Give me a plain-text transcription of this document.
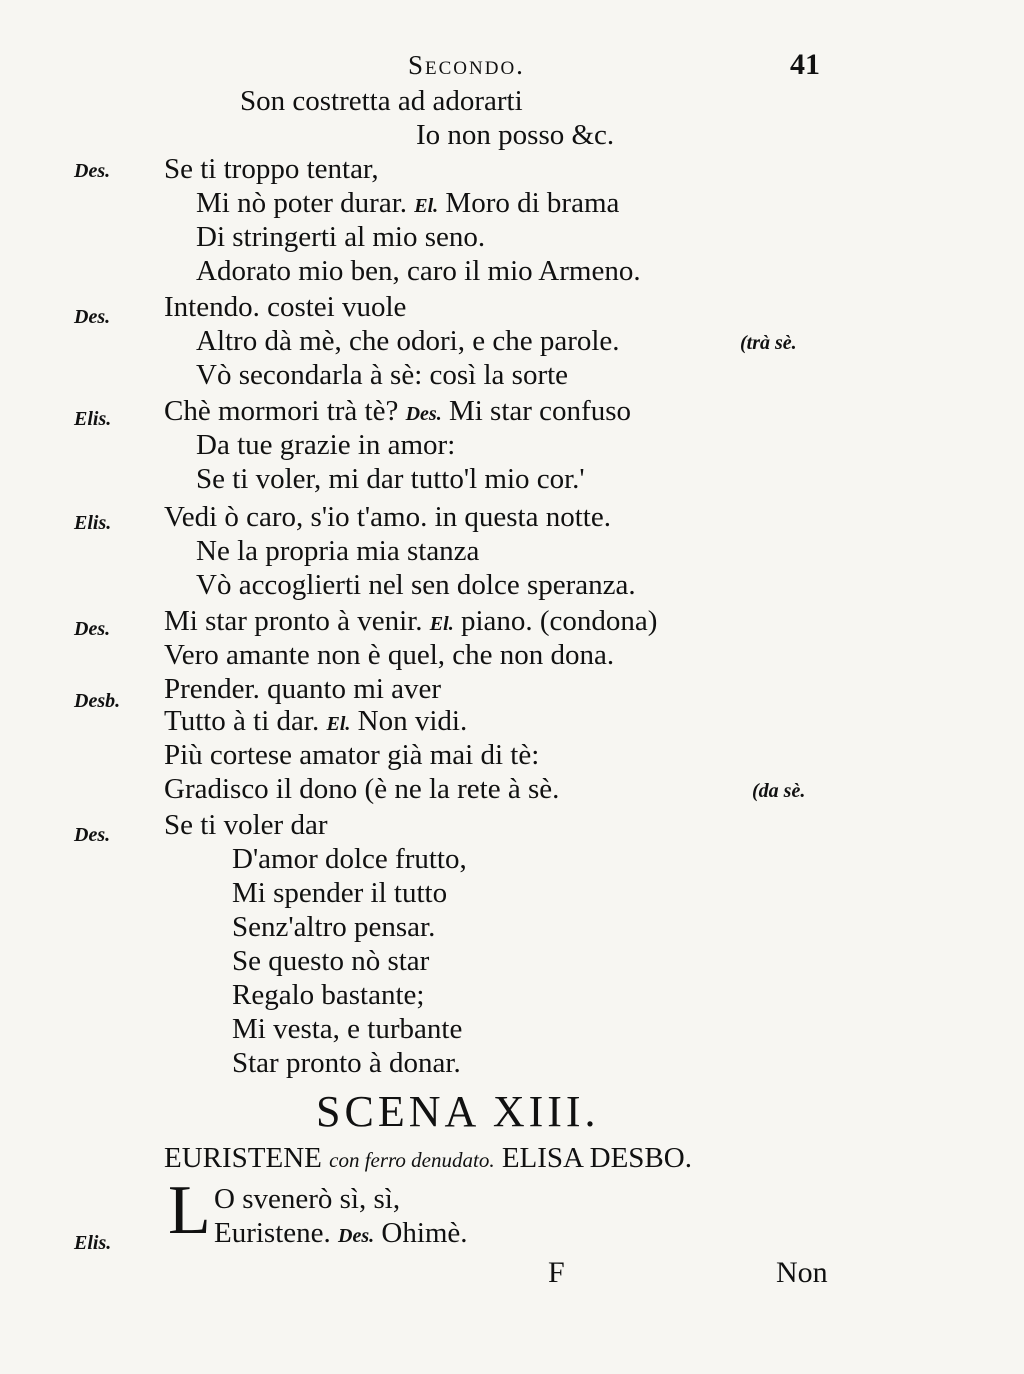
Secondo.	41
Son costretta ad adorarti
Io non posso &c.
Des. Se ti troppo tentar,
Mi nò poter durar. El. Moro di brama
Di stringerti al mio seno.
Adorato mio ben, caro il mio Armeno.
Des. Intendo. costei vuole
Altro dà mè, che odori, e che parole.	(trà sè.
Vò secondarla à sè: così la sorte
Elis. Chè mormori trà tè? Des. Mi star confuso
Da tue grazie in amor:
Se ti voler, mi dar tutto'l mio cor.'
Elis. Vedi ò caro, s'io t'amo. in questa notte.
Ne la propria mia stanza
Vò accoglierti nel sen dolce speranza.
Des. Mi star pronto à venir. El. piano. (condona)
Vero amante non è quel, che non dona.
Desb. Prender. quanto mi aver
Tutto à ti dar. El. Non vidi.
Più cortese amator già mai di tè:
Gradisco il dono (è ne la rete à sè.	(da sè.
Des. Se ti voler dar
D'amor dolce frutto,
Mi spender il tutto
Senz'altro pensar.
Se questo nò star
Regalo bastante;
Mi vesta, e turbante
Star pronto à donar.
SCENA XIII.
EURISTENE con ferro denudato. ELISA DESBO.
L O svenerò sì, sì,
Elis.	Euristene. Des. Ohimè.
F	Non
